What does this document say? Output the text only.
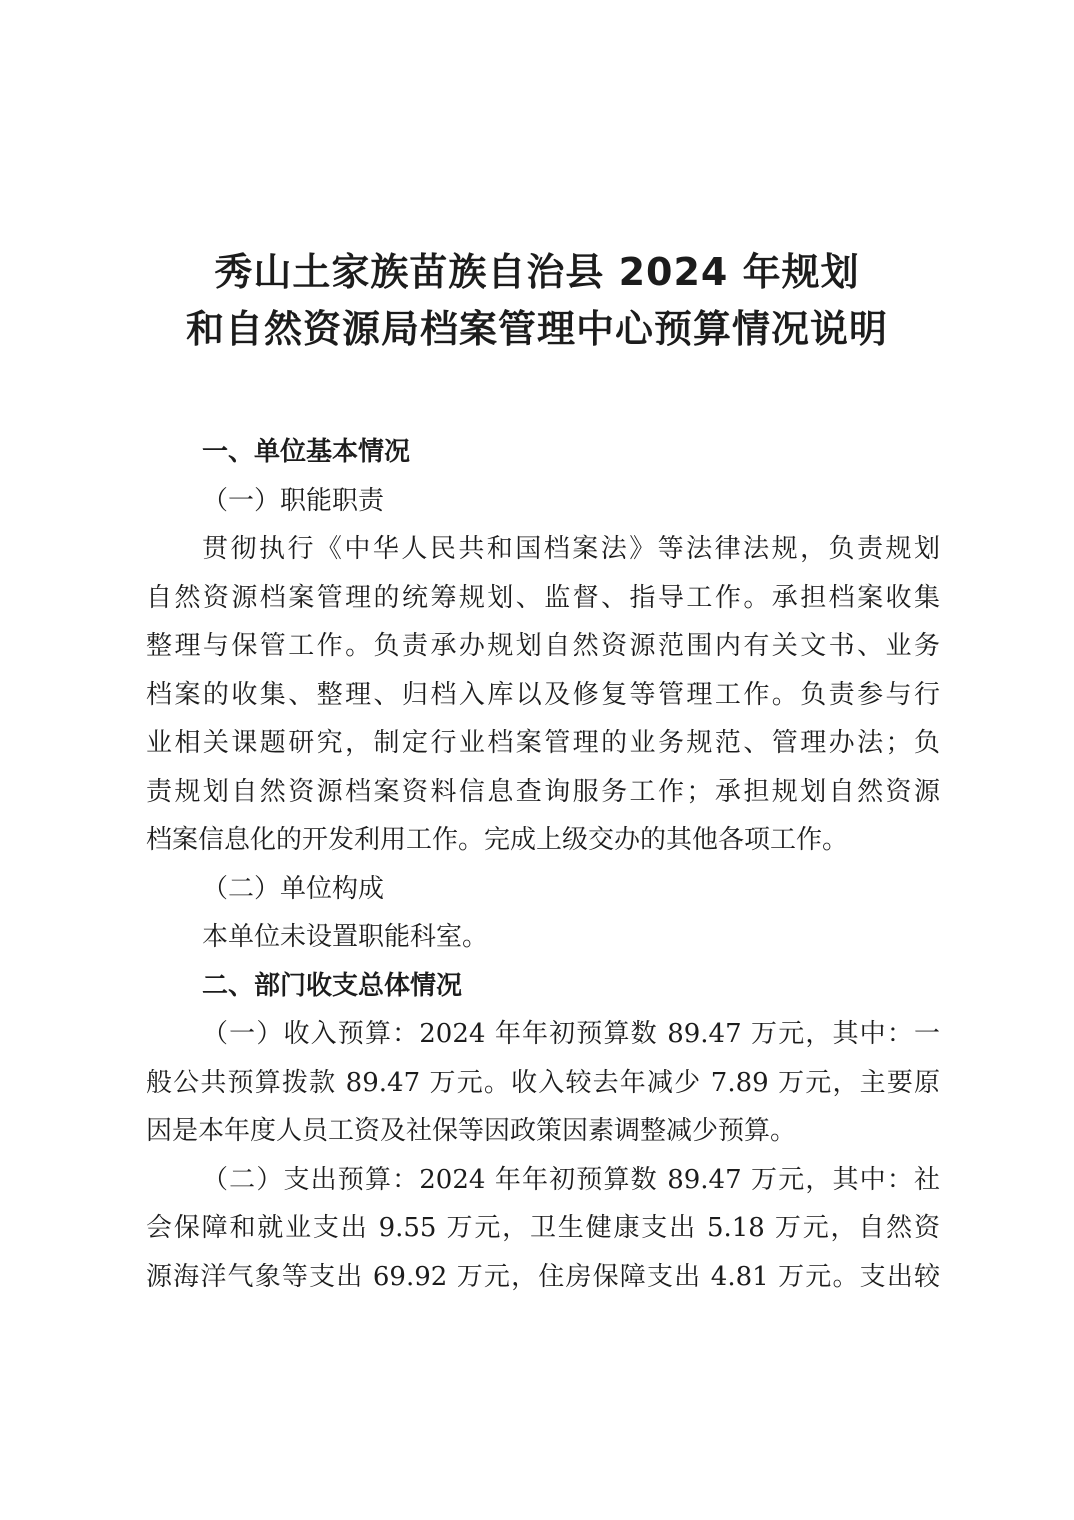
秀山土家族苗族自治县 2024 年规划
和自然资源局档案管理中心预算情况说明
一、单位基本情况
（一）职能职责
贯彻执行《中华人民共和国档案法》等法律法规，负责规划
自然资源档案管理的统筹规划、监督、指导工作。承担档案收集
整理与保管工作。负责承办规划自然资源范围内有关文书、业务
档案的收集、整理、归档入库以及修复等管理工作。负责参与行
业相关课题研究，制定行业档案管理的业务规范、管理办法；负
责规划自然资源档案资料信息查询服务工作；承担规划自然资源
档案信息化的开发利用工作。完成上级交办的其他各项工作。
（二）单位构成
本单位未设置职能科室。
二、部门收支总体情况
（一）收入预算：2024 年年初预算数 89.47 万元，其中：一
般公共预算拨款 89.47 万元。收入较去年减少 7.89 万元，主要原
因是本年度人员工资及社保等因政策因素调整减少预算。
（二）支出预算：2024 年年初预算数 89.47 万元，其中：社
会保障和就业支出 9.55 万元，卫生健康支出 5.18 万元，自然资
源海洋气象等支出 69.92 万元，住房保障支出 4.81 万元。支出较
